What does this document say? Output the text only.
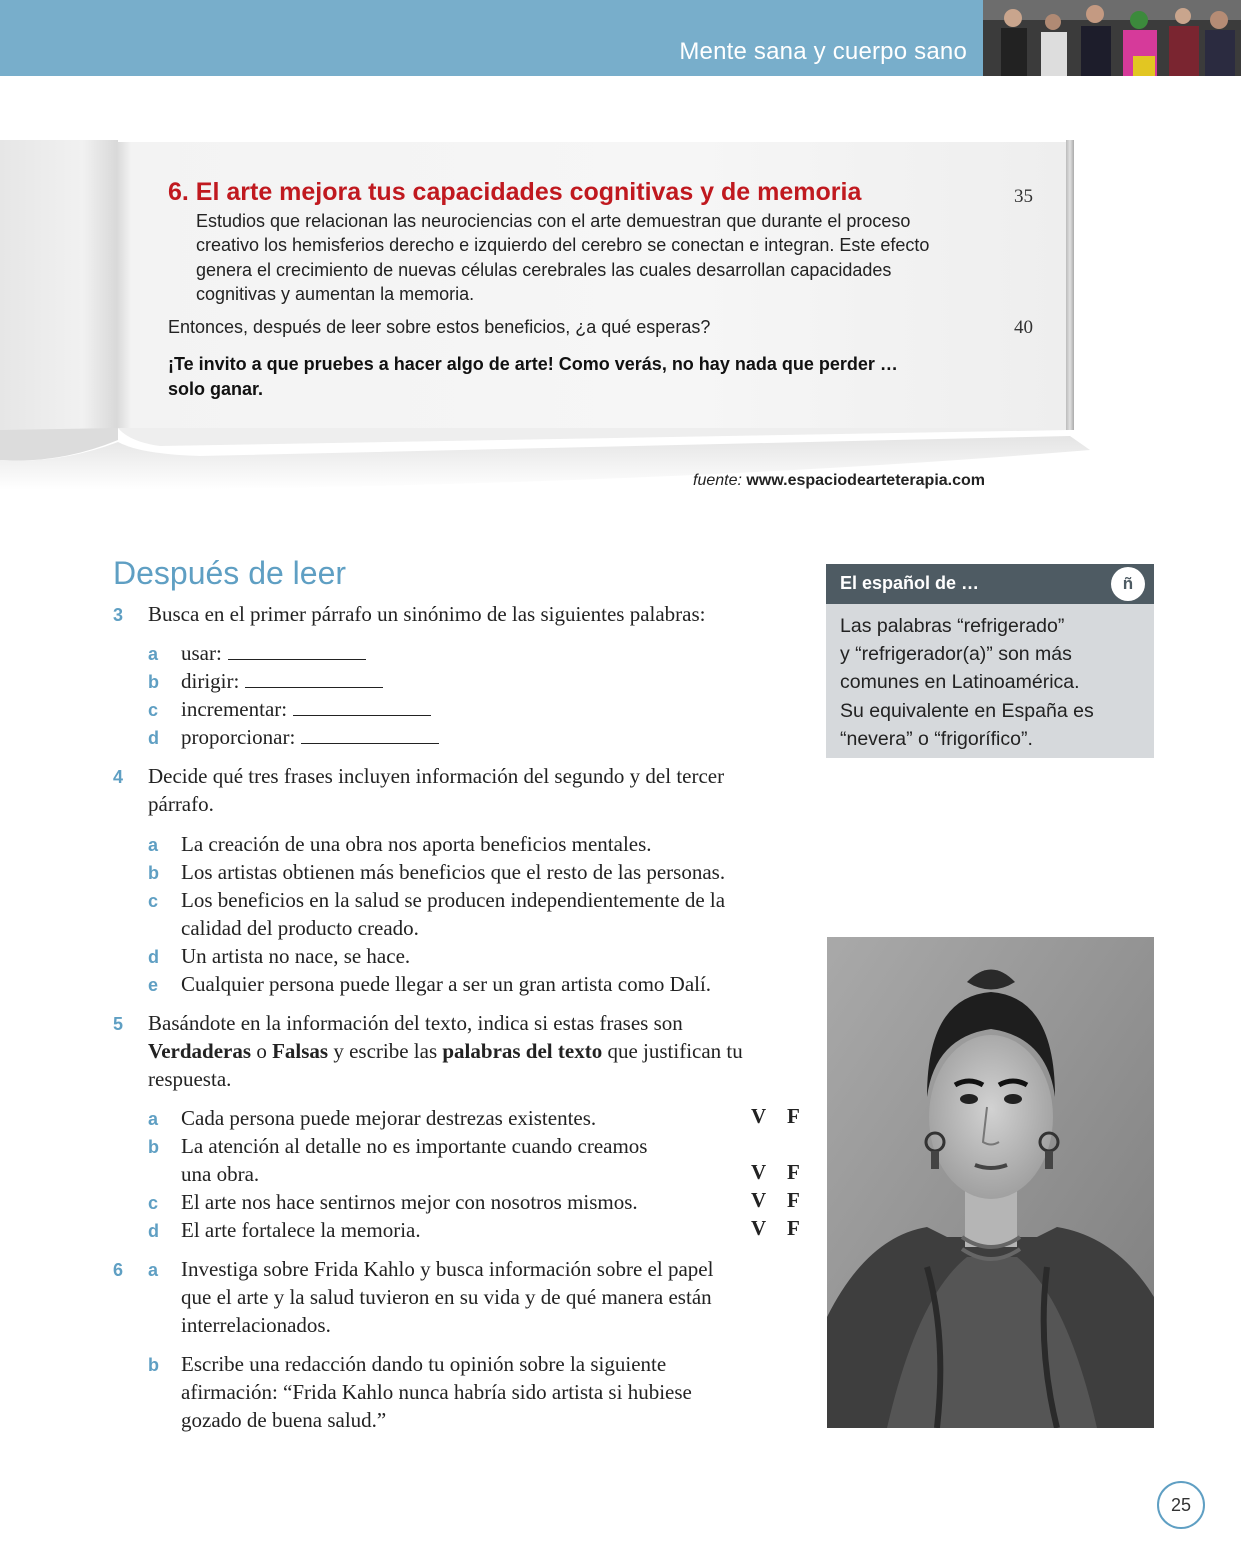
Mente sana y cuerpo sano
6. El arte mejora tus capacidades cognitivas y de memoria
Estudios que relacionan las neurociencias con el arte demuestran que durante el proceso
creativo los hemisferios derecho e izquierdo del cerebro se conectan e integran. Este efecto
genera el crecimiento de nuevas células cerebrales las cuales desarrollan capacidades
cognitivas y aumentan la memoria.
35
Entonces, después de leer sobre estos beneficios, ¿a qué esperas?	40
¡Te invito a que pruebes a hacer algo de arte! Como verás, no hay nada que perder …
solo ganar.
fuente: www.espaciodearteterapia.com
Después de leer
3 Busca en el primer párrafo un sinónimo de las siguientes palabras:
a usar:
b dirigir:
c incrementar:
d proporcionar:
4 Decide qué tres frases incluyen información del segundo y del tercer
párrafo.
a La creación de una obra nos aporta beneficios mentales.
b Los artistas obtienen más beneficios que el resto de las personas.
c Los beneficios en la salud se producen independientemente de la
calidad del producto creado.
d Un artista no nace, se hace.
e Cualquier persona puede llegar a ser un gran artista como Dalí.
5 Basándote en la información del texto, indica si estas frases son
Verdaderas o Falsas y escribe las palabras del texto que justifican tu
respuesta.
a Cada persona puede mejorar destrezas existentes.	V F
b La atención al detalle no es importante cuando creamos
una obra.	V F
c El arte nos hace sentirnos mejor con nosotros mismos.	V F
d El arte fortalece la memoria.	V F
6 a Investiga sobre Frida Kahlo y busca información sobre el papel
que el arte y la salud tuvieron en su vida y de qué manera están
interrelacionados.
b Escribe una redacción dando tu opinión sobre la siguiente
afirmación: “Frida Kahlo nunca habría sido artista si hubiese
gozado de buena salud.”
El español de …	ñ
Las palabras “refrigerado”
y “refrigerador(a)” son más
comunes en Latinoamérica.
Su equivalente en España es
“nevera” o “frigorífico”.
25
